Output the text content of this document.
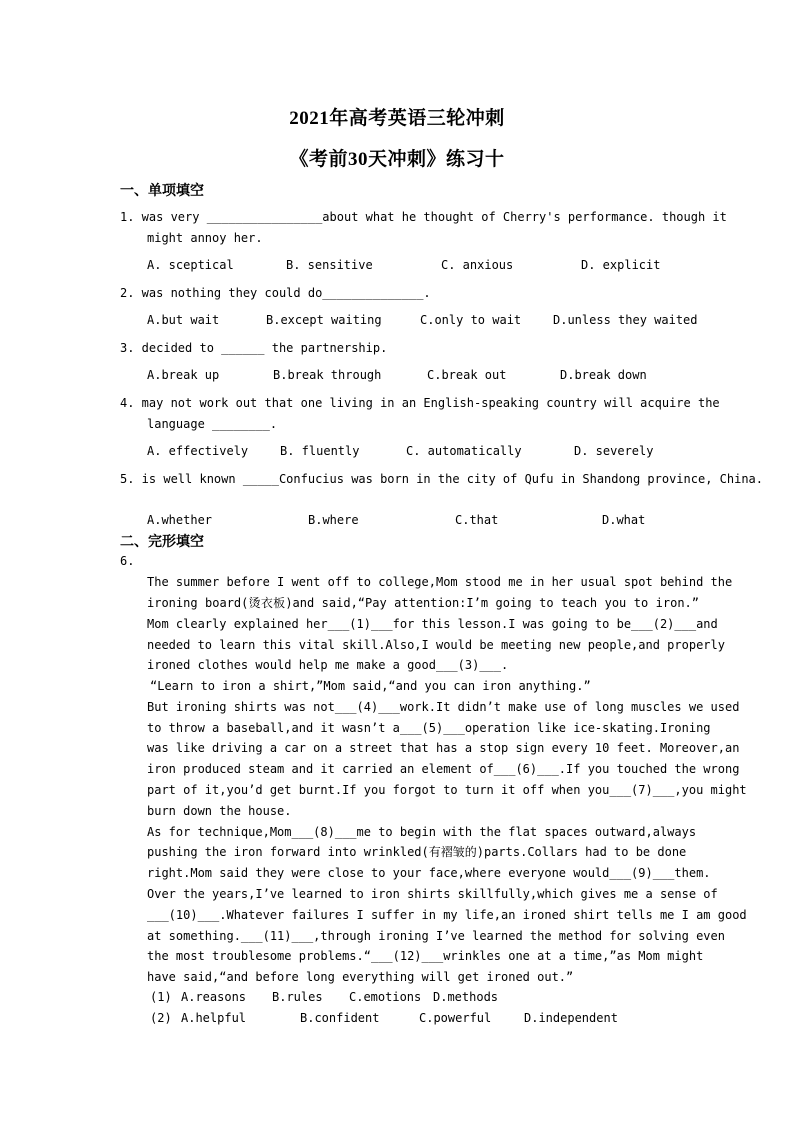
2021年高考英语三轮冲刺
《考前30天冲刺》练习十
一、单项填空
1. was very ________________about what he thought of Cherry's performance. though it
might annoy her.
A. sceptical	B. sensitive	C. anxious	D. explicit
2. was nothing they could do______________.
A.but wait	B.except waiting	C.only to wait	D.unless they waited
3. decided to ______ the partnership.
A.break up	B.break through	C.break out	D.break down
4. may not work out that one living in an English-speaking country will acquire the
language ________.
A. effectively	B. fluently	C. automatically	D. severely
5. is well known _____Confucius was born in the city of Qufu in Shandong province, China.
A.whether	B.where	C.that	D.what
二、完形填空
6.
The summer before I went off to college,Mom stood me in her usual spot behind the
ironing board(烫衣板)and said,“Pay attention:I’m going to teach you to iron.”
Mom clearly explained her___(1)___for this lesson.I was going to be___(2)___and
needed to learn this vital skill.Also,I would be meeting new people,and properly
ironed clothes would help me make a good___(3)___.
“Learn to iron a shirt,”Mom said,“and you can iron anything.”
But ironing shirts was not___(4)___work.It didn’t make use of long muscles we used
to throw a baseball,and it wasn’t a___(5)___operation like ice-skating.Ironing
was like driving a car on a street that has a stop sign every 10 feet. Moreover,an
iron produced steam and it carried an element of___(6)___.If you touched the wrong
part of it,you’d get burnt.If you forgot to turn it off when you___(7)___,you might
burn down the house.
As for technique,Mom___(8)___me to begin with the flat spaces outward,always
pushing the iron forward into wrinkled(有褶皱的)parts.Collars had to be done
right.Mom said they were close to your face,where everyone would___(9)___them.
Over the years,I’ve learned to iron shirts skillfully,which gives me a sense of
___(10)___.Whatever failures I suffer in my life,an ironed shirt tells me I am good
at something.___(11)___,through ironing I’ve learned the method for solving even
the most troublesome problems.“___(12)___wrinkles one at a time,”as Mom might
have said,“and before long everything will get ironed out.”
(1) A.reasons B.rules C.emotions D.methods
(2) A.helpful	B.confident	C.powerful	D.independent
